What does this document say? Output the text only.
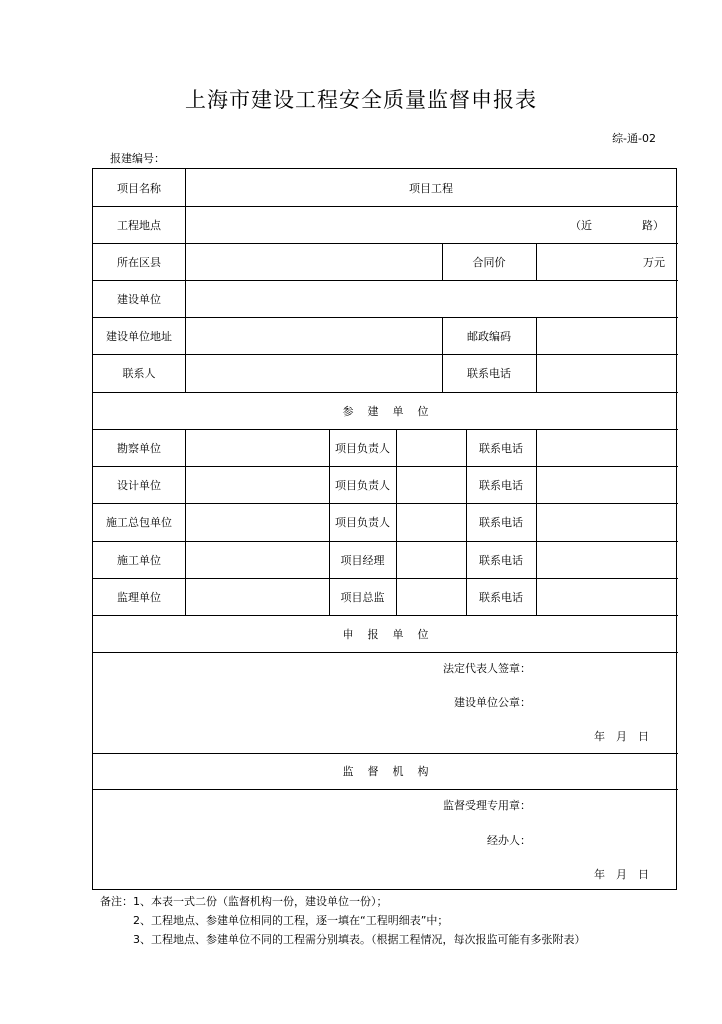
上海市建设工程安全质量监督申报表
综-通-02
报建编号：
项目名称	项目工程
工程地点	（近	路）
所在区县	合同价	万元
建设单位
建设单位地址	邮政编码
联系人	联系电话
参建单位
勘察单位	项目负责人	联系电话
设计单位	项目负责人	联系电话
施工总包单位	项目负责人	联系电话
施工单位	项目经理	联系电话
监理单位	项目总监	联系电话
申报单位
法定代表人签章：
建设单位公章：
年　月　日
监督机构
监督受理专用章：
经办人：
年　月　日
备注：1、本表一式二份（监督机构一份，建设单位一份）；
2、工程地点、参建单位相同的工程，逐一填在“工程明细表”中；
3、工程地点、参建单位不同的工程需分别填表。（根据工程情况，每次报监可能有多张附表）
